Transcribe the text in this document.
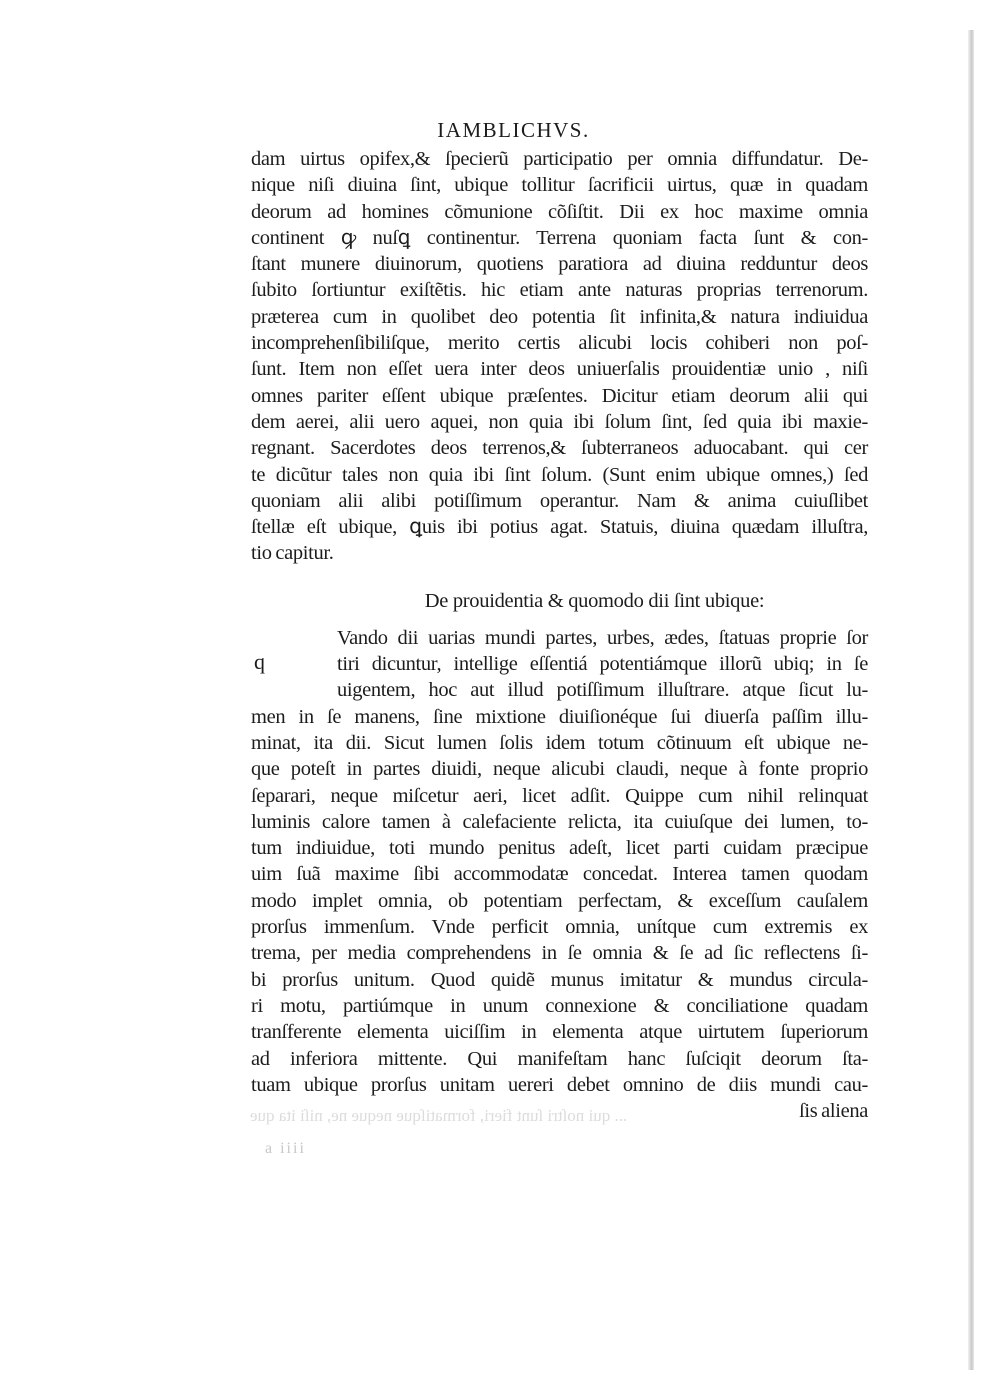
IAMBLICHVS.
... qui noſtri ſunt fieri, formatiſque neque ne, niſi ita que
dam uirtus opifex,& ſpecierũ participatio per omnia diffundatur. De-
nique niſi diuina ſint, ubique tollitur ſacrificii uirtus, quæ in quadam
deorum ad homines cõmunione cõſiſtit. Dii ex hoc maxime omnia
continent ꝙ nuſꝗ continentur. Terrena quoniam facta ſunt & con-
ſtant munere diuinorum, quotiens paratiora ad diuina redduntur deos
ſubito ſortiuntur exiſtẽtis. hic etiam ante naturas proprias terrenorum.
præterea cum in quolibet deo potentia ſit infinita,& natura indiuidua
incomprehenſibiliſque, merito certis alicubi locis cohiberi non poſ-
ſunt. Item non eſſet uera inter deos uniuerſalis prouidentiæ unio , niſi
omnes pariter eſſent ubique præſentes. Dicitur etiam deorum alii qui
dem aerei, alii uero aquei, non quia ibi ſolum ſint, ſed quia ibi maxie-
regnant. Sacerdotes deos terrenos,& ſubterraneos aduocabant. qui cer
te dicũtur tales non quia ibi ſint ſolum. (Sunt enim ubique omnes,) ſed
quoniam alii alibi potiſſimum operantur. Nam & anima cuiuſlibet
ſtellæ eſt ubique, ꝗuis ibi potius agat. Statuis, diuina quædam illuſtra,
tio capitur.
De prouidentia & quomodo dii ſint ubique:
q
Vando dii uarias mundi partes, urbes, ædes, ſtatuas proprie ſor
tiri dicuntur, intellige eſſentiá potentiámque illorũ ubiq; in ſe
uigentem, hoc aut illud potiſſimum illuſtrare. atque ſicut lu-
men in ſe manens, ſine mixtione diuiſionéque ſui diuerſa paſſim illu-
minat, ita dii. Sicut lumen ſolis idem totum cõtinuum eſt ubique ne-
que poteſt in partes diuidi, neque alicubi claudi, neque à fonte proprio
ſeparari, neque miſcetur aeri, licet adſit. Quippe cum nihil relinquat
luminis calore tamen à calefaciente relicta, ita cuiuſque dei lumen, to-
tum indiuidue, toti mundo penitus adeſt, licet parti cuidam præcipue
uim ſuã maxime ſibi accommodatæ concedat. Interea tamen quodam
modo implet omnia, ob potentiam perfectam, & exceſſum cauſalem
prorſus immenſum. Vnde perficit omnia, unítque cum extremis ex
trema, per media comprehendens in ſe omnia & ſe ad ſic reflectens ſi-
bi prorſus unitum. Quod quidẽ munus imitatur & mundus circula-
ri motu, partiúmque in unum connexione & conciliatione quadam
tranſferente elementa uiciſſim in elementa atque uirtutem ſuperiorum
ad inferiora mittente. Qui manifeſtam hanc ſuſciqit deorum ſta-
tuam ubique prorſus unitam uereri debet omnino de diis mundi cau-
ſis aliena
a iiii
